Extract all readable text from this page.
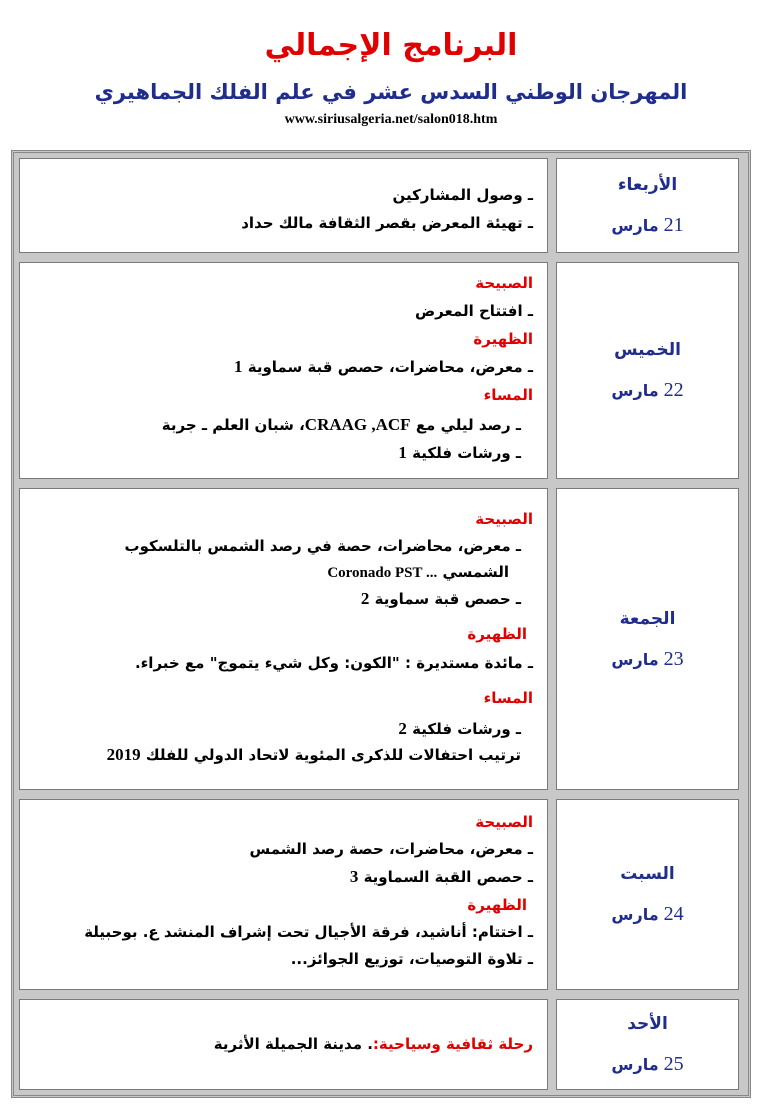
البرنامج الإجمالي
المهرجان الوطني السدس عشر في علم الفلك الجماهيري
www.siriusalgeria.net/salon018.htm
الأربعاء
21 مارس
ـ وصول المشاركين
ـ تهيئة المعرض بقصر الثقافة مالك حداد
الخميس
22 مارس
الصبيحة
ـ افتتاح المعرض
الظهيرة
ـ معرض، محاضرات، حصص قبة سماوية 1
المساء
ـ رصد ليلي مع CRAAG ,ACF، شبان العلم ـ جربة
ـ ورشات فلكية 1
الجمعة
23 مارس
الصبيحة
ـ معرض، محاضرات، حصة في رصد الشمس بالتلسكوب
الشمسي Coronado PST ...
ـ حصص قبة سماوية 2
الظهيرة
ـ مائدة مستديرة : "الكون: وكل شيء يتموج" مع خبراء.
المساء
ـ ورشات فلكية 2
ترتيب احتفالات للذكرى المئوية لاتحاد الدولي للفلك 2019
السبت
24 مارس
الصبيحة
ـ معرض، محاضرات، حصة رصد الشمس
ـ حصص القبة السماوية 3
الظهيرة
ـ اختتام: أناشيد، فرقة الأجيال تحت إشراف المنشد ع. بوحبيلة
ـ تلاوة التوصيات، توزيع الجوائز...
الأحد
25 مارس
رحلة ثقافية وسياحية:. مدينة الجميلة الأثرية
